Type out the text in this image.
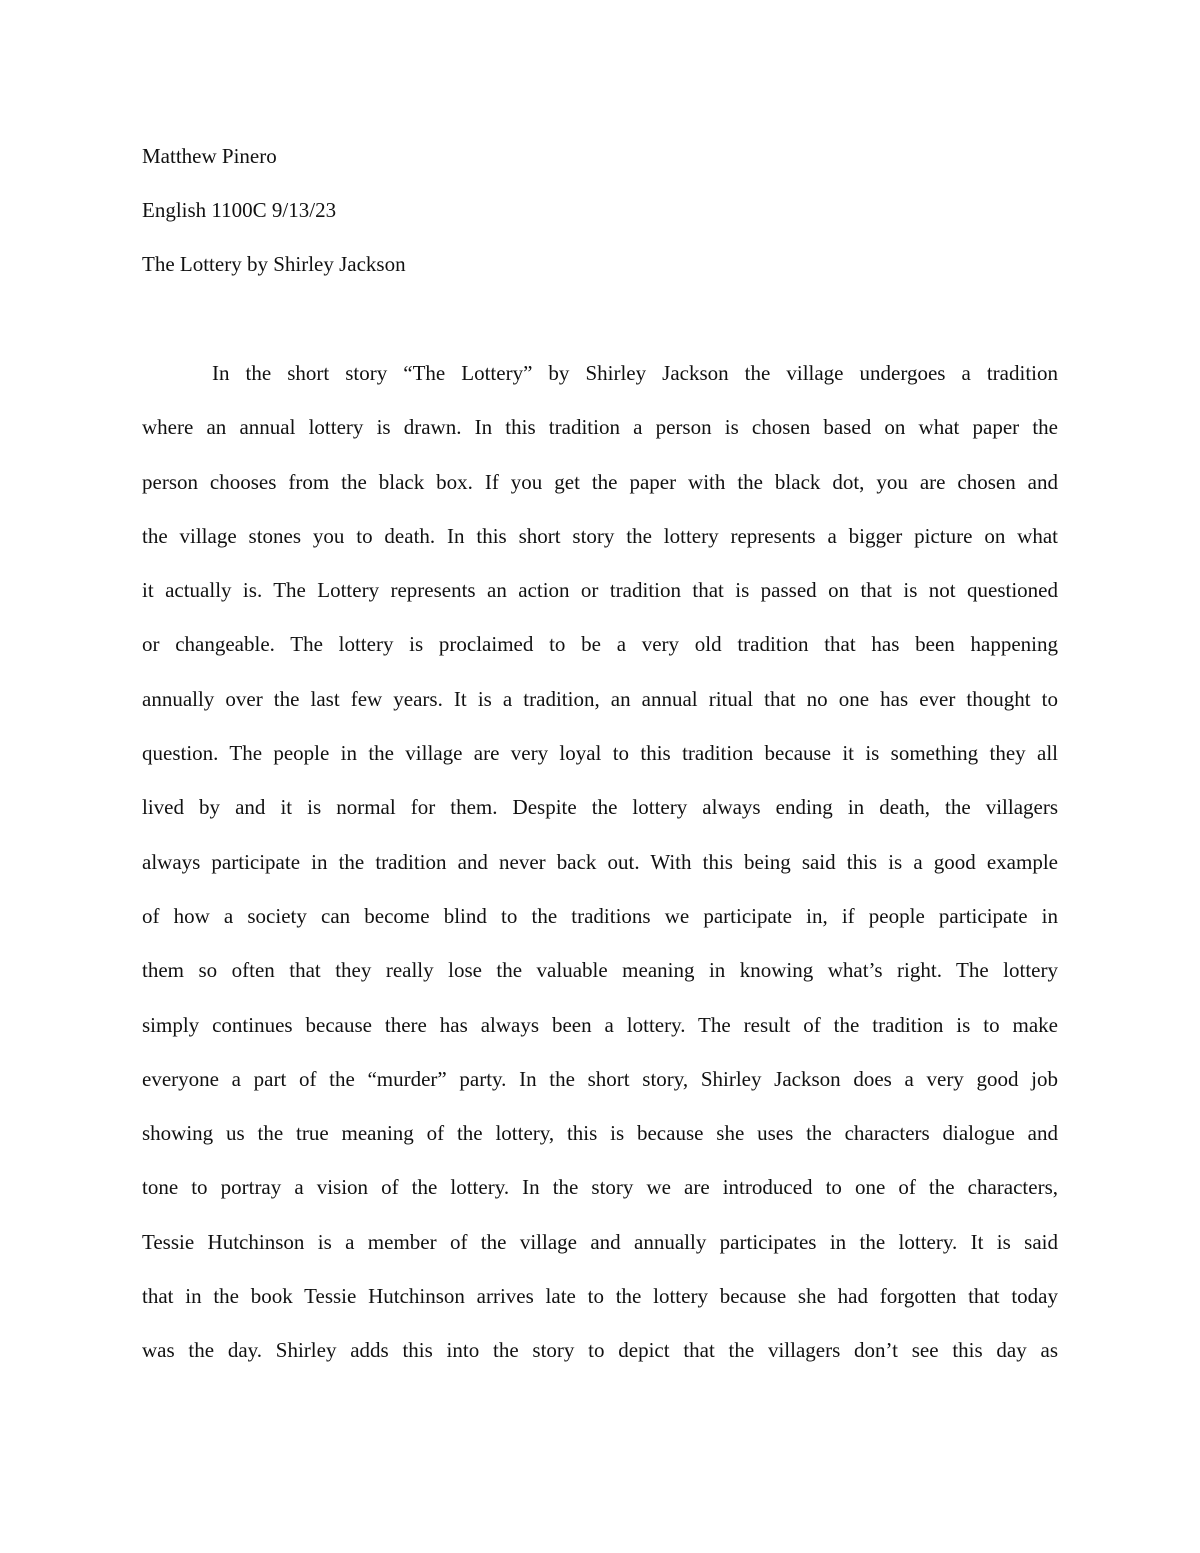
Matthew Pinero
English 1100C 9/13/23
The Lottery by Shirley Jackson
In the short story “The Lottery” by Shirley Jackson the village undergoes a tradition
where an annual lottery is drawn. In this tradition a person is chosen based on what paper the
person chooses from the black box. If you get the paper with the black dot, you are chosen and
the village stones you to death. In this short story the lottery represents a bigger picture on what
it actually is. The Lottery represents an action or tradition that is passed on that is not questioned
or changeable. The lottery is proclaimed to be a very old tradition that has been happening
annually over the last few years. It is a tradition, an annual ritual that no one has ever thought to
question. The people in the village are very loyal to this tradition because it is something they all
lived by and it is normal for them. Despite the lottery always ending in death, the villagers
always participate in the tradition and never back out. With this being said this is a good example
of how a society can become blind to the traditions we participate in, if people participate in
them so often that they really lose the valuable meaning in knowing what’s right. The lottery
simply continues because there has always been a lottery. The result of the tradition is to make
everyone a part of the “murder” party. In the short story, Shirley Jackson does a very good job
showing us the true meaning of the lottery, this is because she uses the characters dialogue and
tone to portray a vision of the lottery. In the story we are introduced to one of the characters,
Tessie Hutchinson is a member of the village and annually participates in the lottery. It is said
that in the book Tessie Hutchinson arrives late to the lottery because she had forgotten that today
was the day. Shirley adds this into the story to depict that the villagers don’t see this day as
